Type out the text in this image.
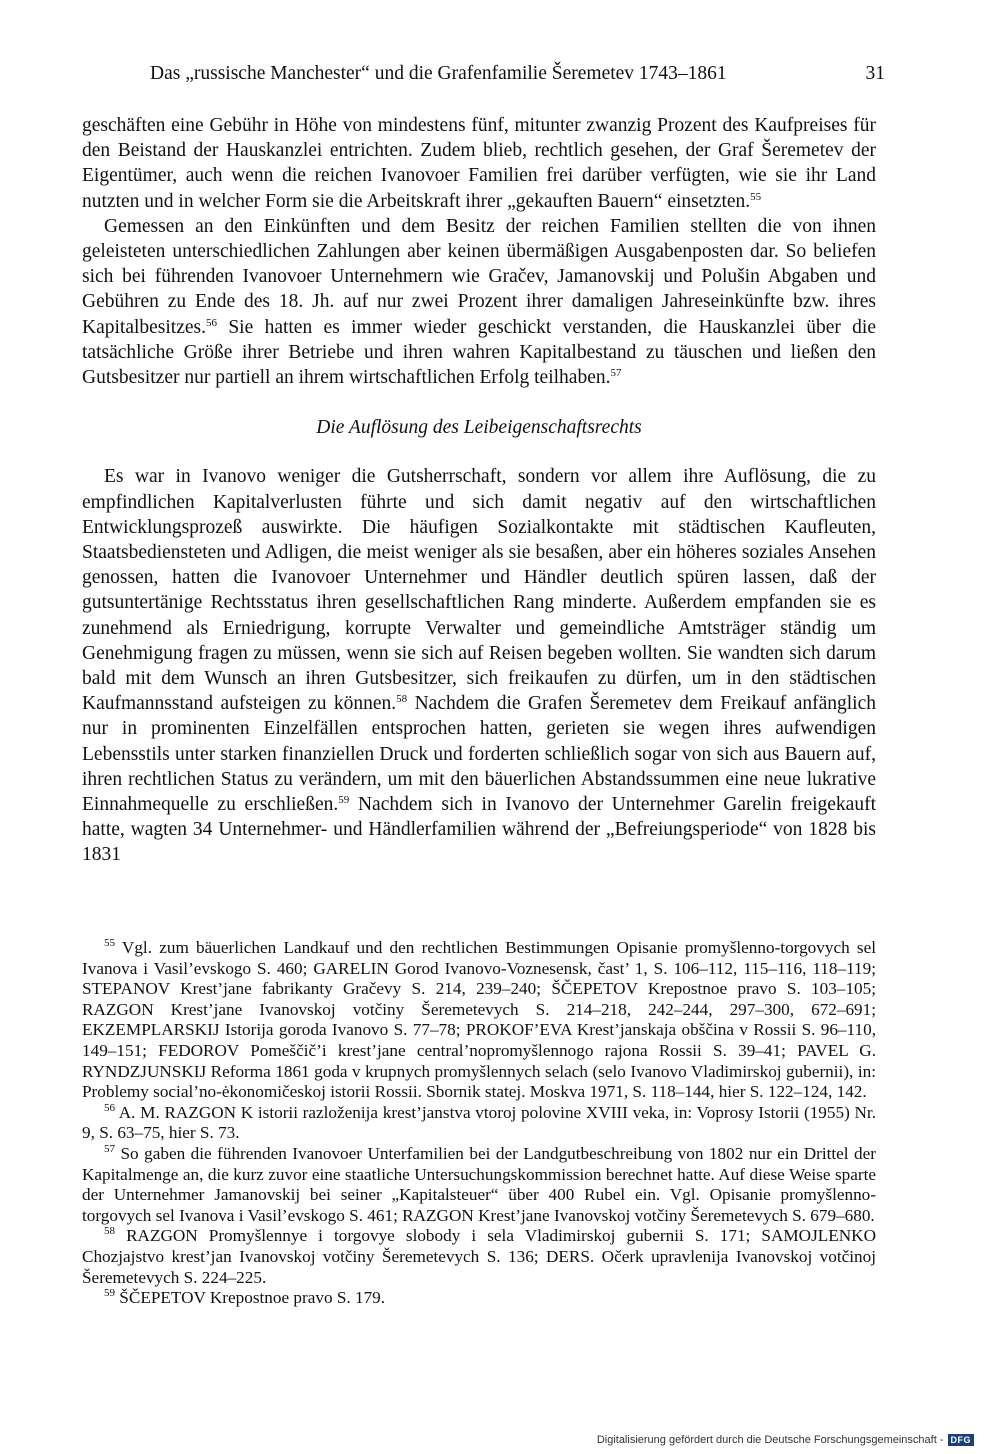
Das „russische Manchester“ und die Grafenfamilie Šeremetev 1743–1861	31

geschäften eine Gebühr in Höhe von mindestens fünf, mitunter zwanzig Prozent des Kaufpreises für den Beistand der Hauskanzlei entrichten. Zudem blieb, rechtlich gesehen, der Graf Šeremetev der Eigentümer, auch wenn die reichen Ivanovoer Familien frei darüber verfügten, wie sie ihr Land nutzten und in welcher Form sie die Arbeitskraft ihrer „gekauften Bauern“ einsetzten.$^{55}$

Gemessen an den Einkünften und dem Besitz der reichen Familien stellten die von ihnen geleisteten unterschiedlichen Zahlungen aber keinen übermäßigen Ausgabenposten dar. So beliefen sich bei führenden Ivanovoer Unternehmern wie Gračev, Jamanovskij und Polušin Abgaben und Gebühren zu Ende des 18. Jh. auf nur zwei Prozent ihrer damaligen Jahreseinkünfte bzw. ihres Kapitalbesitzes.$^{56}$ Sie hatten es immer wieder geschickt verstanden, die Hauskanzlei über die tatsächliche Größe ihrer Betriebe und ihren wahren Kapitalbestand zu täuschen und ließen den Gutsbesitzer nur partiell an ihrem wirtschaftlichen Erfolg teilhaben.$^{57}$

Die Auflösung des Leibeigenschaftsrechts

Es war in Ivanovo weniger die Gutsherrschaft, sondern vor allem ihre Auflösung, die zu empfindlichen Kapitalverlusten führte und sich damit negativ auf den wirtschaftlichen Entwicklungsprozeß auswirkte. Die häufigen Sozialkontakte mit städtischen Kaufleuten, Staatsbediensteten und Adligen, die meist weniger als sie besaßen, aber ein höheres soziales Ansehen genossen, hatten die Ivanovoer Unternehmer und Händler deutlich spüren lassen, daß der gutsuntertänige Rechtsstatus ihren gesellschaftlichen Rang minderte. Außerdem empfanden sie es zunehmend als Erniedrigung, korrupte Verwalter und gemeindliche Amtsträger ständig um Genehmigung fragen zu müssen, wenn sie sich auf Reisen begeben wollten. Sie wandten sich darum bald mit dem Wunsch an ihren Gutsbesitzer, sich freikaufen zu dürfen, um in den städtischen Kaufmannsstand aufsteigen zu können.$^{58}$ Nachdem die Grafen Šeremetev dem Freikauf anfänglich nur in prominenten Einzelfällen entsprochen hatten, gerieten sie wegen ihres aufwendigen Lebensstils unter starken finanziellen Druck und forderten schließlich sogar von sich aus Bauern auf, ihren rechtlichen Status zu verändern, um mit den bäuerlichen Abstandssummen eine neue lukrative Einnahmequelle zu erschließen.$^{59}$ Nachdem sich in Ivanovo der Unternehmer Garelin freigekauft hatte, wagten 34 Unternehmer- und Händlerfamilien während der „Befreiungsperiode“ von 1828 bis 1831

$^{55}$ Vgl. zum bäuerlichen Landkauf und den rechtlichen Bestimmungen Opisanie promyšlenno-torgovych sel Ivanova i Vasil’evskogo S. 460; GARELIN Gorod Ivanovo-Voznesensk, čast’ 1, S. 106–112, 115–116, 118–119; STEPANOV Krest’jane fabrikanty Gračevy S. 214, 239–240; ŠČEPETOV Krepostnoe pravo S. 103–105; RAZGON Krest’jane Ivanovskoj votčiny Šeremetevych S. 214–218, 242–244, 297–300, 672–691; EKZEMPLARSKIJ Istorija goroda Ivanovo S. 77–78; PROKOF’EVA Krest’janskaja obščina v Rossii S. 96–110, 149–151; FEDOROV Pomeščič’i krest’jane central’nopromyšlennogo rajona Rossii S. 39–41; PAVEL G. RYNDZJUNSKIJ Reforma 1861 goda v krupnych promyšlennych selach (selo Ivanovo Vladimirskoj gubernii), in: Problemy social’no-ėkonomičeskoj istorii Rossii. Sbornik statej. Moskva 1971, S. 118–144, hier S. 122–124, 142.

$^{56}$ A. M. RAZGON K istorii razloženija krest’janstva vtoroj polovine XVIII veka, in: Voprosy Istorii (1955) Nr. 9, S. 63–75, hier S. 73.

$^{57}$ So gaben die führenden Ivanovoer Unterfamilien bei der Landgutbeschreibung von 1802 nur ein Drittel der Kapitalmenge an, die kurz zuvor eine staatliche Untersuchungskommission berechnet hatte. Auf diese Weise sparte der Unternehmer Jamanovskij bei seiner „Kapitalsteuer“ über 400 Rubel ein. Vgl. Opisanie promyšlenno-torgovych sel Ivanova i Vasil’evskogo S. 461; RAZGON Krest’jane Ivanovskoj votčiny Šeremetevych S. 679–680.

$^{58}$ RAZGON Promyšlennye i torgovye slobody i sela Vladimirskoj gubernii S. 171; SAMOJLENKO Chozjajstvo krest’jan Ivanovskoj votčiny Šeremetevych S. 136; DERS. Očerk upravlenija Ivanovskoj votčinoj Šeremetevych S. 224–225.

$^{59}$ ŠČEPETOV Krepostnoe pravo S. 179.

Digitalisierung gefördert durch die Deutsche Forschungsgemeinschaft - DFG
